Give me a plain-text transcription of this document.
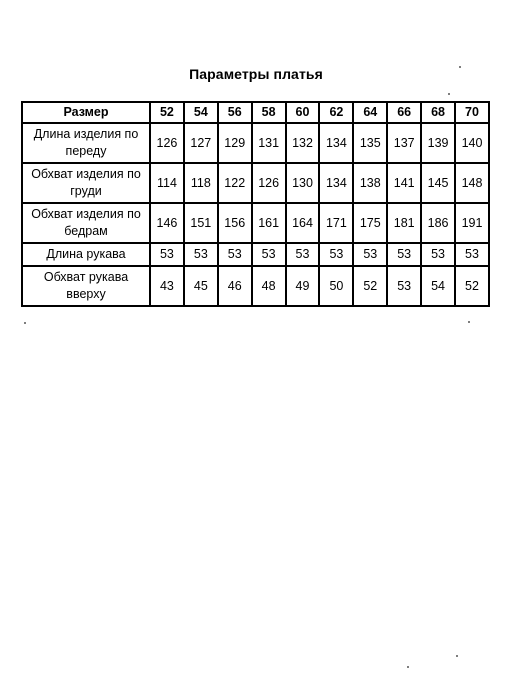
Параметры платья
Размер	52	54	56	58	60	62	64	66	68	70
Длина изделия по переду	126	127	129	131	132	134	135	137	139	140
Обхват изделия по груди	114	118	122	126	130	134	138	141	145	148
Обхват изделия по бедрам	146	151	156	161	164	171	175	181	186	191
Длина рукава	53	53	53	53	53	53	53	53	53	53
Обхват рукава вверху	43	45	46	48	49	50	52	53	54	52
